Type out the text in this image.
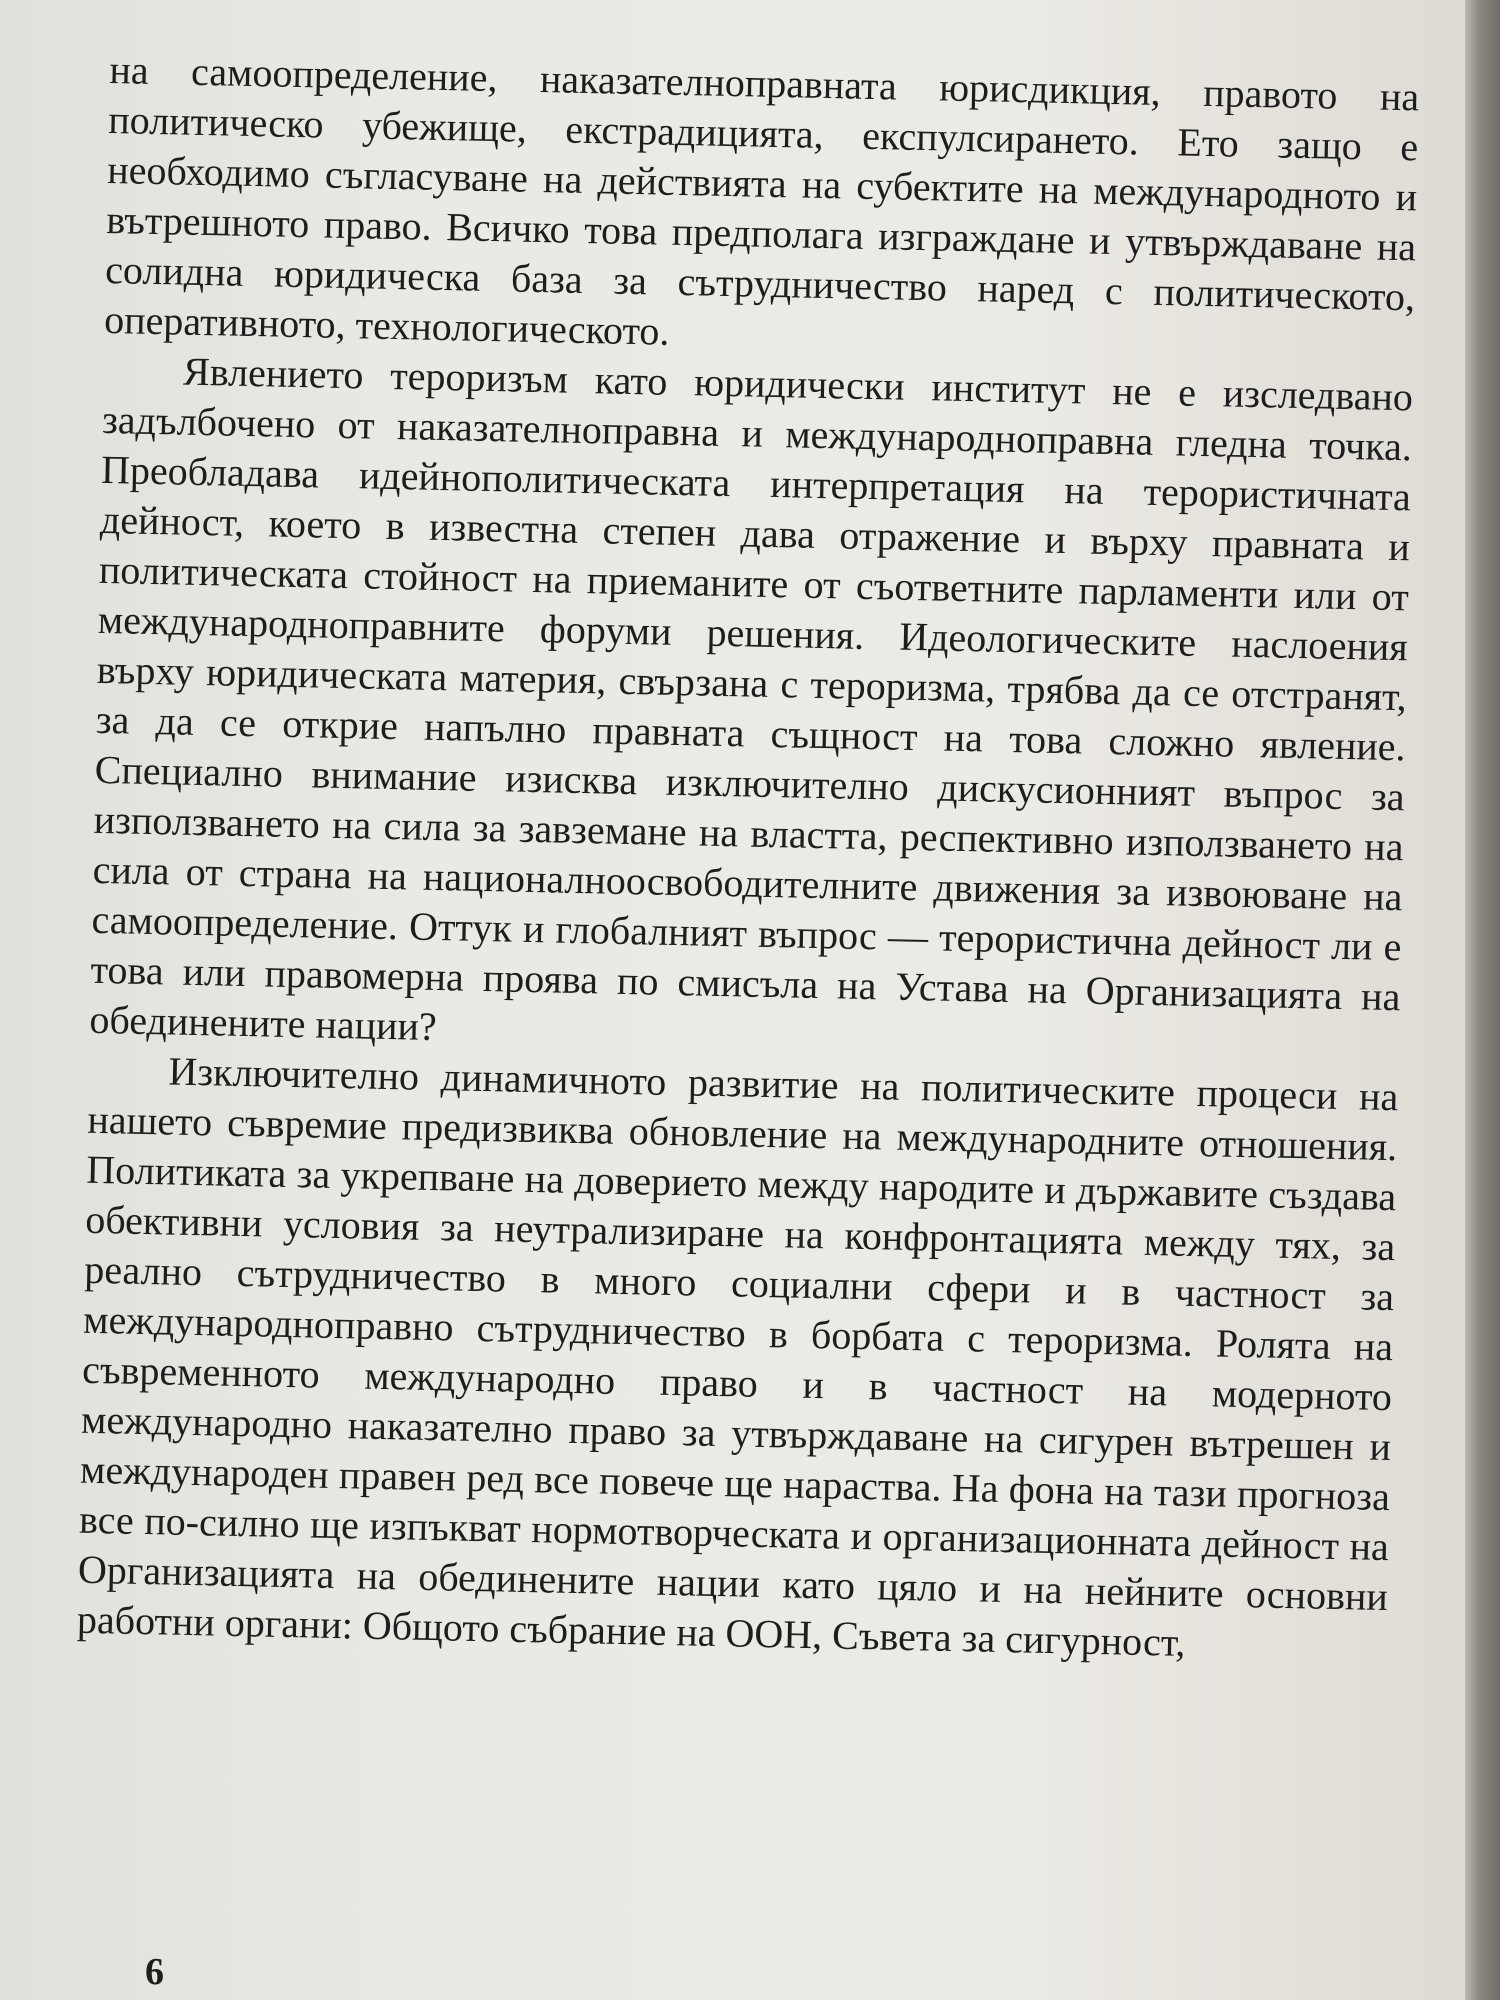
на самоопределение, наказателноправната юрисдикция, правото на политическо убежище, екстрадицията, експулсирането. Ето защо е необходимо съгласуване на действията на субектите на международното и вътрешното право. Всичко това предполага изграждане и утвърждаване на солидна юридическа база за сътрудничество наред с политическото, оперативното, технологическото.

Явлението тероризъм като юридически институт не е изследвано задълбочено от наказателноправна и международноправна гледна точка. Преобладава идейнополитическата интерпретация на терористичната дейност, което в известна степен дава отражение и върху правната и политическата стойност на приеманите от съответните парламенти или от международноправните форуми решения. Идеологическите наслоения върху юридическата материя, свързана с тероризма, трябва да се отстранят, за да се открие напълно правната същност на това сложно явление. Специално внимание изисква изключително дискусионният въпрос за използването на сила за завземане на властта, респективно използването на сила от страна на националноосвободителните движения за извоюване на самоопределение. Оттук и глобалният въпрос — терористична дейност ли е това или правомерна проява по смисъла на Устава на Организацията на обединените нации?

Изключително динамичното развитие на политическите процеси на нашето съвремие предизвиква обновление на международните отношения. Политиката за укрепване на доверието между народите и държавите създава обективни условия за неутрализиране на конфронтацията между тях, за реално сътрудничество в много социални сфери и в частност за международноправно сътрудничество в борбата с тероризма. Ролята на съвременното международно право и в частност на модерното международно наказателно право за утвърждаване на сигурен вътрешен и международен правен ред все повече ще нараства. На фона на тази прогноза все по-силно ще изпъкват нормотворческата и организационната дейност на Организацията на обединените нации като цяло и на нейните основни работни органи: Общото събрание на ООН, Съвета за сигурност,

6
